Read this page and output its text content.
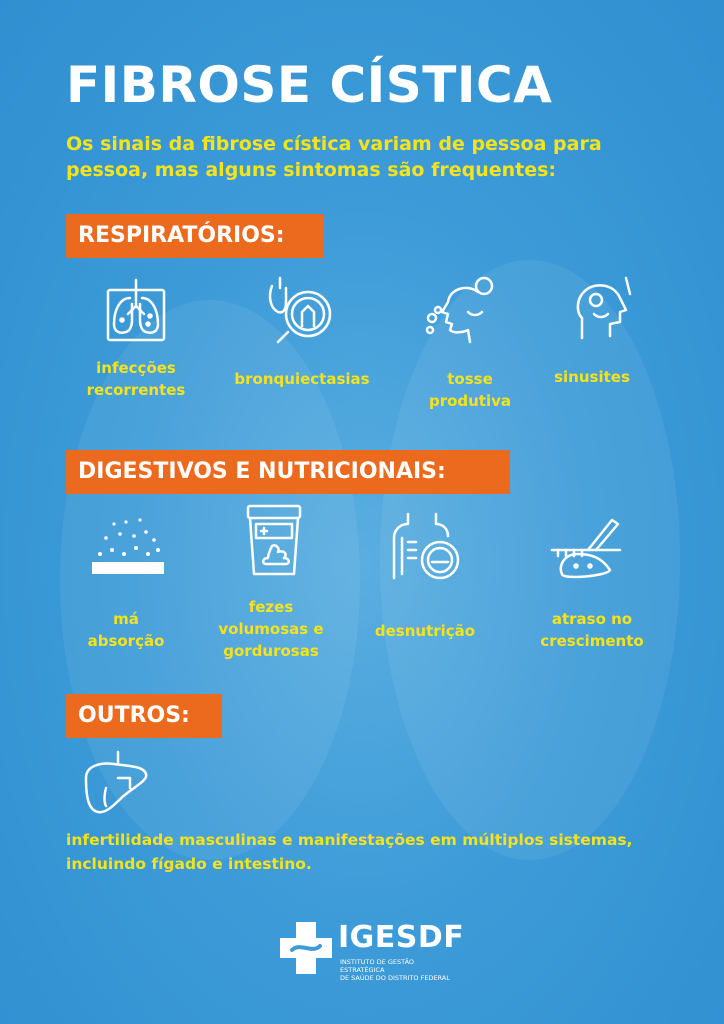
FIBROSE CÍSTICA

Os sinais da fibrose cística variam de pessoa para pessoa, mas alguns sintomas são frequentes:

RESPIRATÓRIOS:
infecções
recorrentes
bronquiectasias	tosse
produtiva
sinusites
DIGESTIVOS E NUTRICIONAIS:
má
absorção
fezes
volumosas e
gordurosas
desnutrição
atraso no
crescimento
OUTROS:

infertilidade masculinas e manifestações em múltiplos sistemas, incluindo fígado e intestino.

IGESDF
INSTITUTO DE GESTÃO ESTRATÉGICA
DE SAÚDE DO DISTRITO FEDERAL
